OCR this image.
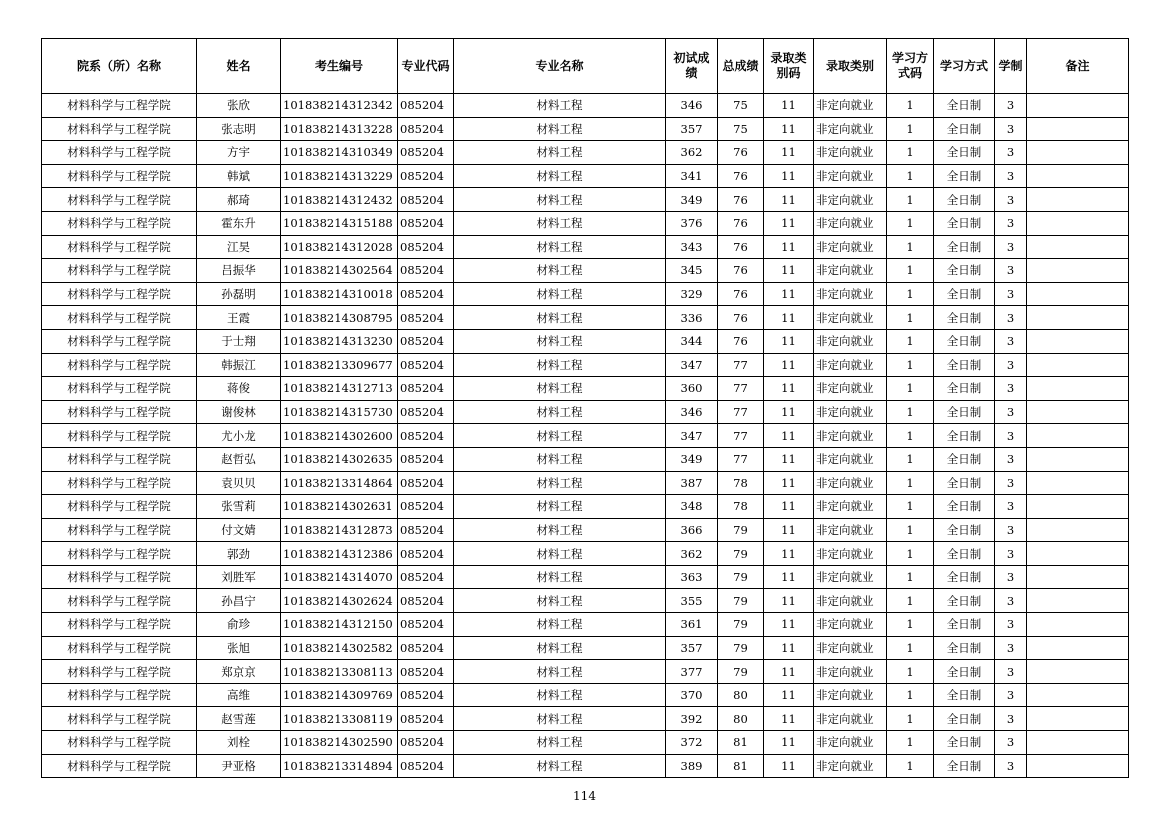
院系（所）名称	姓名	考生编号	专业代码	专业名称	初试成绩	总成绩	录取类别码	录取类别	学习方式码	学习方式	学制	备注
材料科学与工程学院	张欣	101838214312342	085204	材料工程	346	75	11	非定向就业	1	全日制	3	
材料科学与工程学院	张志明	101838214313228	085204	材料工程	357	75	11	非定向就业	1	全日制	3	
材料科学与工程学院	方宇	101838214310349	085204	材料工程	362	76	11	非定向就业	1	全日制	3	
材料科学与工程学院	韩斌	101838214313229	085204	材料工程	341	76	11	非定向就业	1	全日制	3	
材料科学与工程学院	郝琦	101838214312432	085204	材料工程	349	76	11	非定向就业	1	全日制	3	
材料科学与工程学院	霍东升	101838214315188	085204	材料工程	376	76	11	非定向就业	1	全日制	3	
材料科学与工程学院	江昊	101838214312028	085204	材料工程	343	76	11	非定向就业	1	全日制	3	
材料科学与工程学院	吕振华	101838214302564	085204	材料工程	345	76	11	非定向就业	1	全日制	3	
材料科学与工程学院	孙磊明	101838214310018	085204	材料工程	329	76	11	非定向就业	1	全日制	3	
材料科学与工程学院	王霞	101838214308795	085204	材料工程	336	76	11	非定向就业	1	全日制	3	
材料科学与工程学院	于士翔	101838214313230	085204	材料工程	344	76	11	非定向就业	1	全日制	3	
材料科学与工程学院	韩振江	101838213309677	085204	材料工程	347	77	11	非定向就业	1	全日制	3	
材料科学与工程学院	蒋俊	101838214312713	085204	材料工程	360	77	11	非定向就业	1	全日制	3	
材料科学与工程学院	谢俊林	101838214315730	085204	材料工程	346	77	11	非定向就业	1	全日制	3	
材料科学与工程学院	尤小龙	101838214302600	085204	材料工程	347	77	11	非定向就业	1	全日制	3	
材料科学与工程学院	赵哲弘	101838214302635	085204	材料工程	349	77	11	非定向就业	1	全日制	3	
材料科学与工程学院	袁贝贝	101838213314864	085204	材料工程	387	78	11	非定向就业	1	全日制	3	
材料科学与工程学院	张雪莉	101838214302631	085204	材料工程	348	78	11	非定向就业	1	全日制	3	
材料科学与工程学院	付文婧	101838214312873	085204	材料工程	366	79	11	非定向就业	1	全日制	3	
材料科学与工程学院	郭劲	101838214312386	085204	材料工程	362	79	11	非定向就业	1	全日制	3	
材料科学与工程学院	刘胜军	101838214314070	085204	材料工程	363	79	11	非定向就业	1	全日制	3	
材料科学与工程学院	孙昌宁	101838214302624	085204	材料工程	355	79	11	非定向就业	1	全日制	3	
材料科学与工程学院	俞珍	101838214312150	085204	材料工程	361	79	11	非定向就业	1	全日制	3	
材料科学与工程学院	张旭	101838214302582	085204	材料工程	357	79	11	非定向就业	1	全日制	3	
材料科学与工程学院	郑京京	101838213308113	085204	材料工程	377	79	11	非定向就业	1	全日制	3	
材料科学与工程学院	高维	101838214309769	085204	材料工程	370	80	11	非定向就业	1	全日制	3	
材料科学与工程学院	赵雪莲	101838213308119	085204	材料工程	392	80	11	非定向就业	1	全日制	3	
材料科学与工程学院	刘栓	101838214302590	085204	材料工程	372	81	11	非定向就业	1	全日制	3	
材料科学与工程学院	尹亚格	101838213314894	085204	材料工程	389	81	11	非定向就业	1	全日制	3	
114
